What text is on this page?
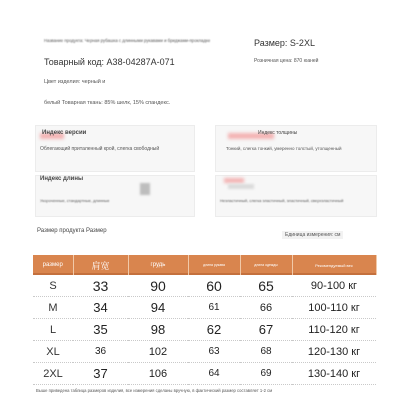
Название продукта: Черная рубашка с длинными рукавами и бриджами-прокладке
Товарный код: A38-04287A-071
Размер: S-2XL
Розничная цена: 870 юаней
Цвет изделия: черный и
белый Товарная ткань: 85% шелк, 15% спандекс.
Индекс версии
Облегающий приталенный крой, слегка свободный
Индекс толщины
Тонкий, слегка тонкий, умеренно толстый, утолщенный
Индекс длины
Укороченные, стандартные, длинные	Неэластичный, слегка эластичный, эластичный, сверхэластичный
Размер продукта Размер
Единица измерения: см
размер	肩宽	грудь	длина рукава	длина одежды	Рекомендуемый вес
S	33	90	60	65	90-100 кг
M	34	94	61	66	100-110 кг
L	35	98	62	67	110-120 кг
XL	36	102	63	68	120-130 кг
2XL	37	106	64	69	130-140 кг
Выше приведена таблица размеров изделия, все измерения сделаны вручную, в фактический размер составляет 1-2 см
